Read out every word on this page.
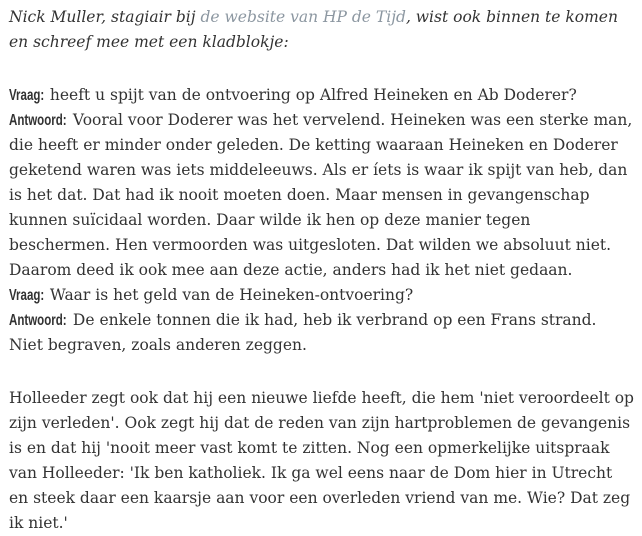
Nick Muller, stagiair bij de website van HP de Tijd, wist ook binnen te komen en schreef mee met een kladblokje:

Vraag: heeft u spijt van de ontvoering op Alfred Heineken en Ab Doderer?

Antwoord: Vooral voor Doderer was het vervelend. Heineken was een sterke man, die heeft er minder onder geleden. De ketting waaraan Heineken en Doderer geketend waren was iets middeleeuws. Als er íets is waar ik spijt van heb, dan is het dat. Dat had ik nooit moeten doen. Maar mensen in gevangenschap kunnen suïcidaal worden. Daar wilde ik hen op deze manier tegen beschermen. Hen vermoorden was uitgesloten. Dat wilden we absoluut niet. Daarom deed ik ook mee aan deze actie, anders had ik het niet gedaan.

Vraag: Waar is het geld van de Heineken-ontvoering?

Antwoord: De enkele tonnen die ik had, heb ik verbrand op een Frans strand. Niet begraven, zoals anderen zeggen.

Holleeder zegt ook dat hij een nieuwe liefde heeft, die hem 'niet veroordeelt op zijn verleden'. Ook zegt hij dat de reden van zijn hartproblemen de gevangenis is en dat hij 'nooit meer vast komt te zitten. Nog een opmerkelijke uitspraak van Holleeder: 'Ik ben katholiek. Ik ga wel eens naar de Dom hier in Utrecht en steek daar een kaarsje aan voor een overleden vriend van me. Wie? Dat zeg ik niet.'
